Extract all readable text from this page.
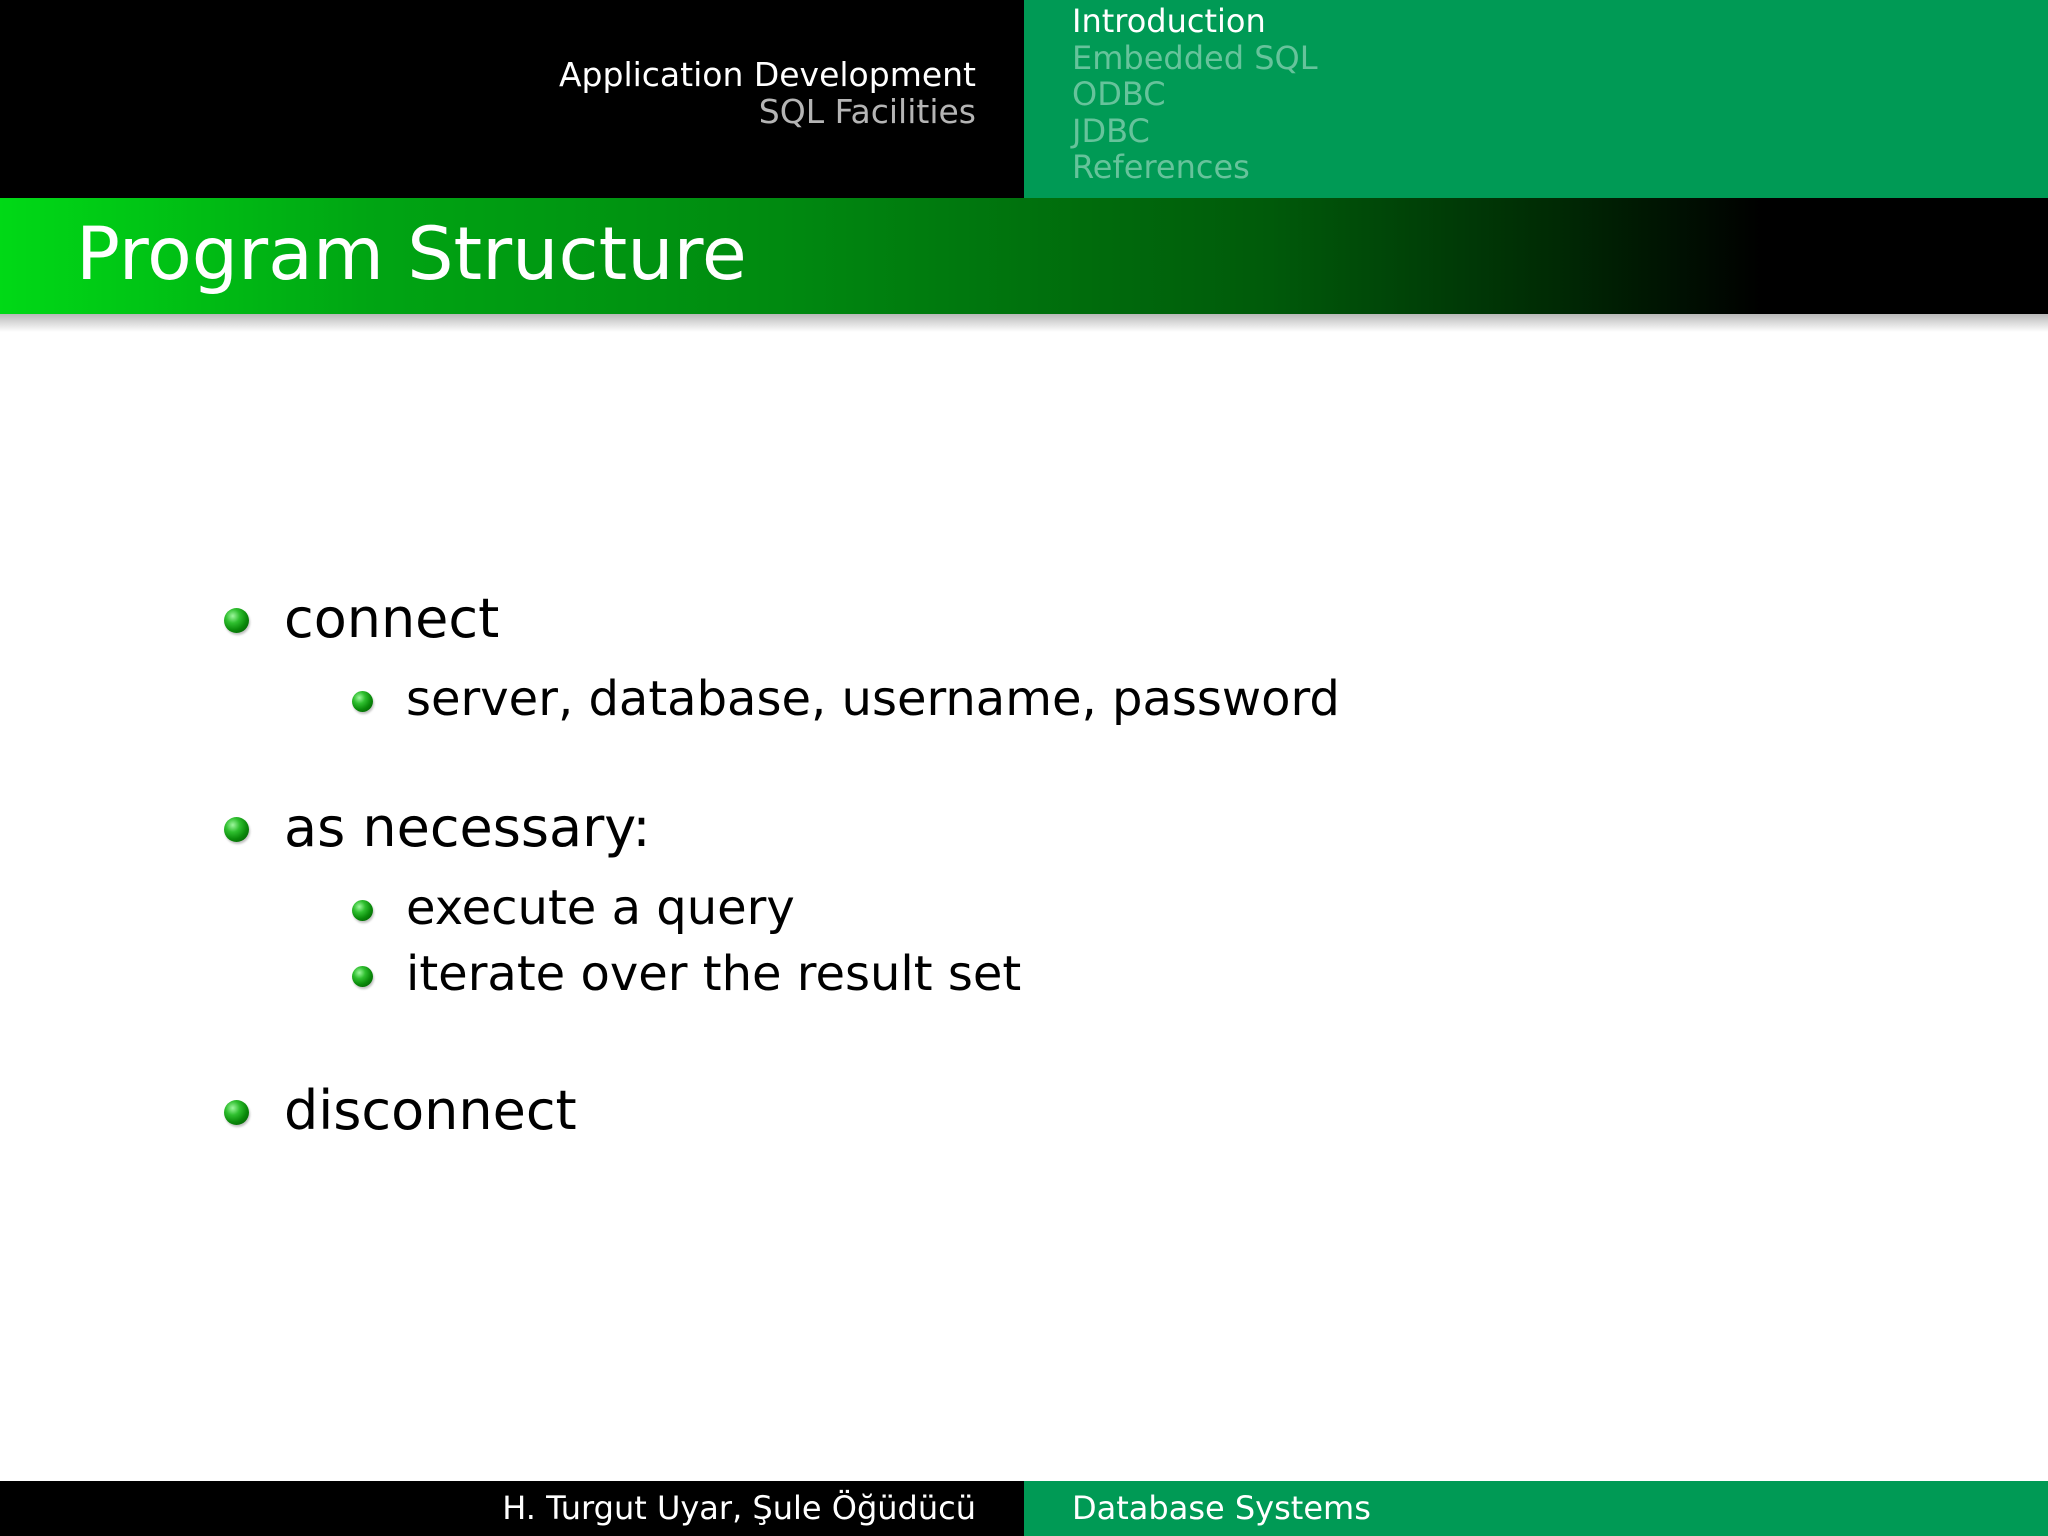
Application Development
SQL Facilities
Introduction
Embedded SQL
ODBC
JDBC
References
Program Structure
connect
server, database, username, password
as necessary:
execute a query
iterate over the result set
disconnect
H. Turgut Uyar, Şule Öğüdücü	Database Systems
